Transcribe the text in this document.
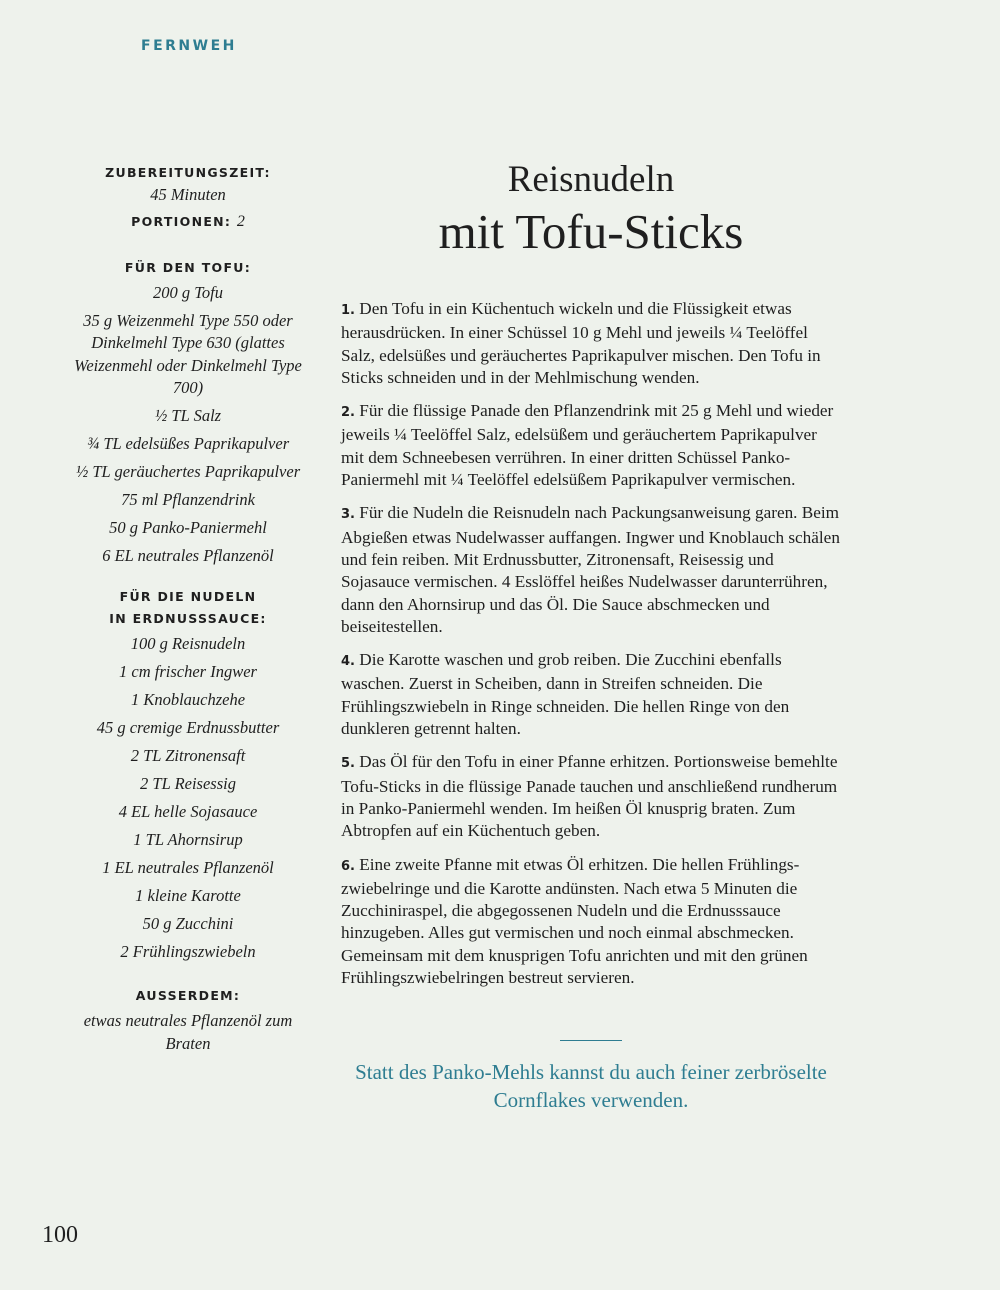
FERNWEH
ZUBEREITUNGSZEIT:
45 Minuten
PORTIONEN: 2
FÜR DEN TOFU:
200 g Tofu
35 g Weizenmehl Type 550 oder Dinkelmehl Type 630 (glattes Weizenmehl oder Dinkelmehl Type 700)
½ TL Salz
¾ TL edelsüßes Paprikapulver
½ TL geräuchertes Paprikapulver
75 ml Pflanzendrink
50 g Panko-Paniermehl
6 EL neutrales Pflanzenöl
FÜR DIE NUDELN
IN ERDNUSSSAUCE:
100 g Reisnudeln
1 cm frischer Ingwer
1 Knoblauchzehe
45 g cremige Erdnussbutter
2 TL Zitronensaft
2 TL Reisessig
4 EL helle Sojasauce
1 TL Ahornsirup
1 EL neutrales Pflanzenöl
1 kleine Karotte
50 g Zucchini
2 Frühlingszwiebeln
AUSSERDEM:
etwas neutrales Pflanzenöl zum Braten
Reisnudeln
mit Tofu-Sticks

1. Den Tofu in ein Küchentuch wickeln und die Flüssigkeit etwas herausdrücken. In einer Schüssel 10 g Mehl und jeweils ¼ Teelöffel Salz, edelsüßes und geräuchertes Paprikapulver mischen. Den Tofu in Sticks schneiden und in der Mehlmischung wenden.

2. Für die flüssige Panade den Pflanzendrink mit 25 g Mehl und wieder jeweils ¼ Teelöffel Salz, edelsüßem und geräuchertem Paprikapulver mit dem Schneebesen verrühren. In einer dritten Schüssel Panko-Paniermehl mit ¼ Teelöffel edelsüßem Paprikapulver vermischen.

3. Für die Nudeln die Reisnudeln nach Packungsanweisung garen. Beim Abgießen etwas Nudelwasser auffangen. Ingwer und Knoblauch schälen und fein reiben. Mit Erdnussbutter, Zitronensaft, Reisessig und Sojasauce vermischen. 4 Esslöffel heißes Nudelwasser darunterrühren, dann den Ahornsirup und das Öl. Die Sauce abschmecken und beiseitestellen.

4. Die Karotte waschen und grob reiben. Die Zucchini ebenfalls waschen. Zuerst in Scheiben, dann in Streifen schneiden. Die Frühlingszwiebeln in Ringe schneiden. Die hellen Ringe von den dunkleren getrennt halten.

5. Das Öl für den Tofu in einer Pfanne erhitzen. Portionsweise bemehlte Tofu-Sticks in die flüssige Panade tauchen und anschließend rundherum in Panko-Paniermehl wenden. Im heißen Öl knusprig braten. Zum Abtropfen auf ein Küchentuch geben.

6. Eine zweite Pfanne mit etwas Öl erhitzen. Die hellen Frühlingszwiebelringe und die Karotte andünsten. Nach etwa 5 Minuten die Zucchiniraspel, die abgegossenen Nudeln und die Erdnusssauce hinzugeben. Alles gut vermischen und noch einmal abschmecken. Gemeinsam mit dem knusprigen Tofu anrichten und mit den grünen Frühlingszwiebelringen bestreut servieren.

Statt des Panko-Mehls kannst du auch feiner zerbröselte Cornflakes verwenden.
100
